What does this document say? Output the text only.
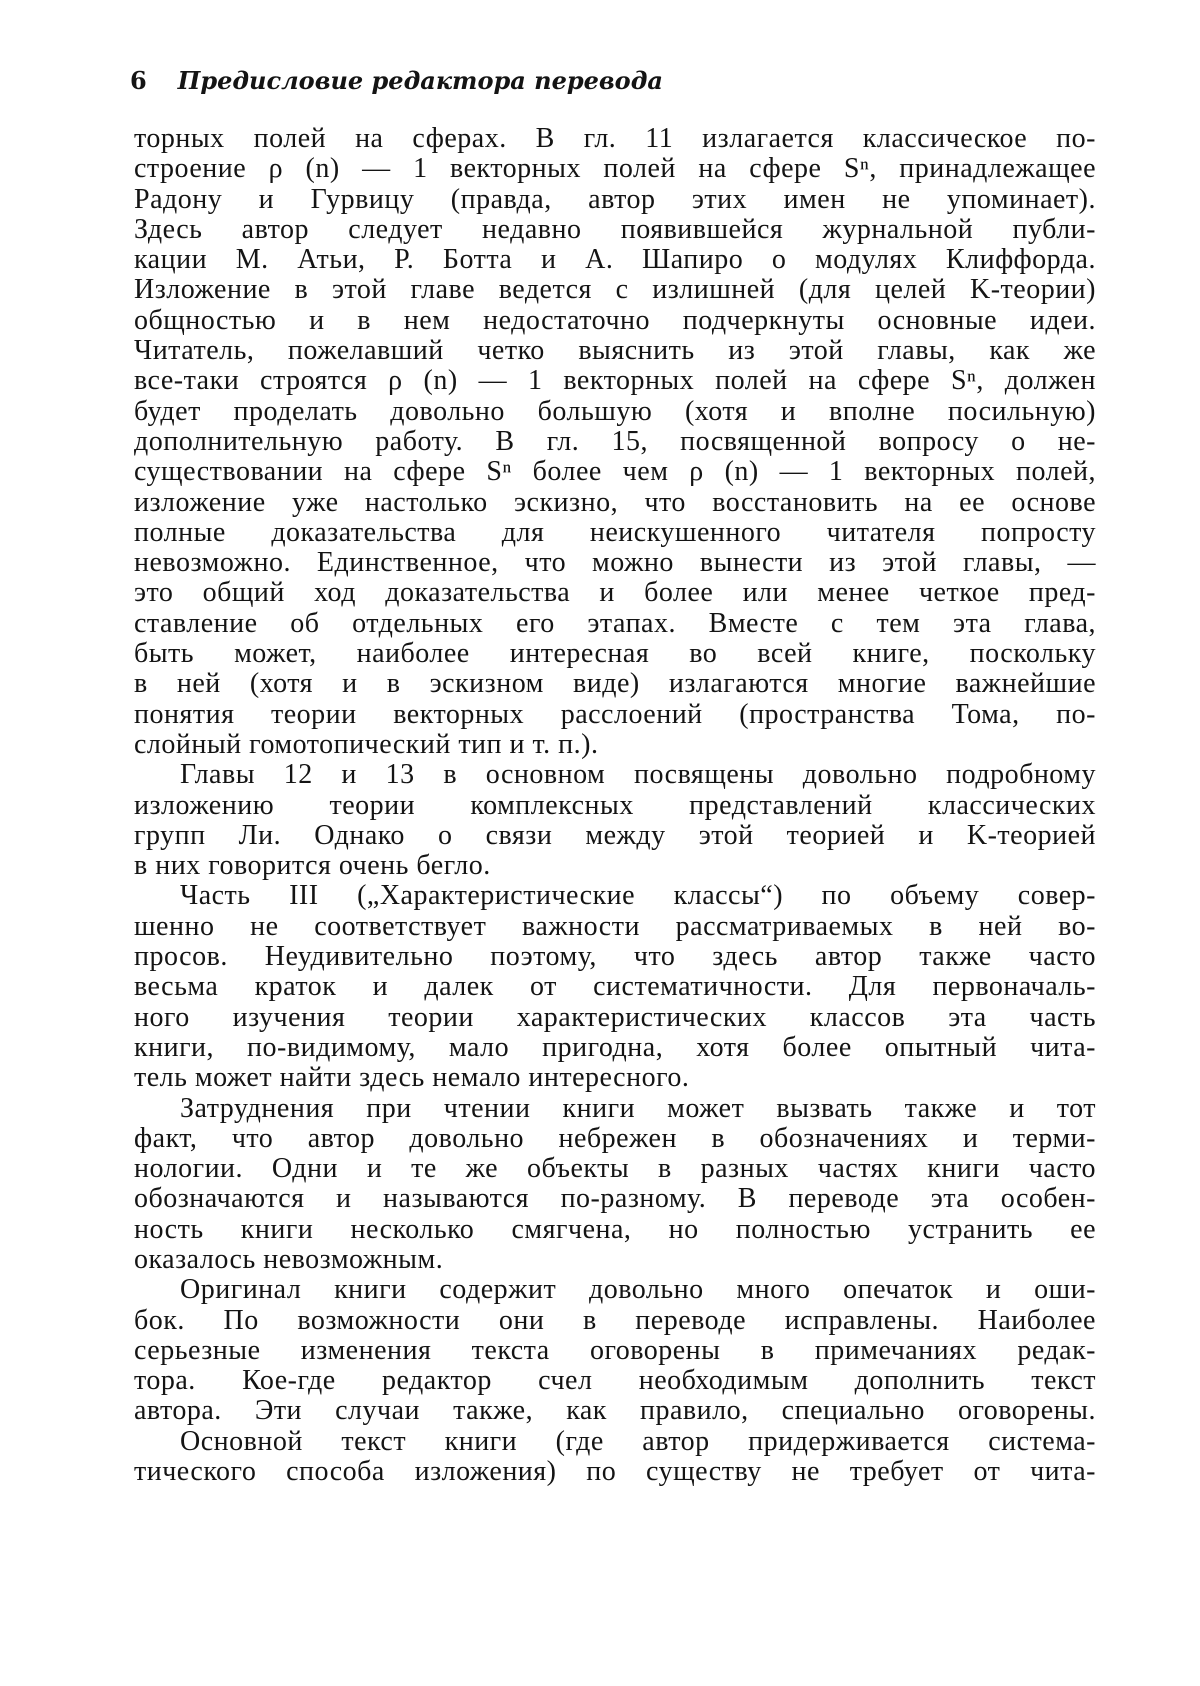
6 Предисловие редактора перевода
торных полей на сферах. В гл. 11 излагается классическое по-
строение ρ (n) — 1 векторных полей на сфере Sⁿ, принадлежащее
Радону и Гурвицу (правда, автор этих имен не упоминает).
Здесь автор следует недавно появившейся журнальной публи-
кации М. Атьи, Р. Ботта и А. Шапиро о модулях Клиффорда.
Изложение в этой главе ведется с излишней (для целей K-теории)
общностью и в нем недостаточно подчеркнуты основные идеи.
Читатель, пожелавший четко выяснить из этой главы, как же
все-таки строятся ρ (n) — 1 векторных полей на сфере Sⁿ, должен
будет проделать довольно большую (хотя и вполне посильную)
дополнительную работу. В гл. 15, посвященной вопросу о не-
существовании на сфере Sⁿ более чем ρ (n) — 1 векторных полей,
изложение уже настолько эскизно, что восстановить на ее основе
полные доказательства для неискушенного читателя попросту
невозможно. Единственное, что можно вынести из этой главы, —
это общий ход доказательства и более или менее четкое пред-
ставление об отдельных его этапах. Вместе с тем эта глава,
быть может, наиболее интересная во всей книге, поскольку
в ней (хотя и в эскизном виде) излагаются многие важнейшие
понятия теории векторных расслоений (пространства Тома, по-
слойный гомотопический тип и т. п.).
Главы 12 и 13 в основном посвящены довольно подробному
изложению теории комплексных представлений классических
групп Ли. Однако о связи между этой теорией и K-теорией
в них говорится очень бегло.
Часть III („Характеристические классы“) по объему совер-
шенно не соответствует важности рассматриваемых в ней во-
просов. Неудивительно поэтому, что здесь автор также часто
весьма краток и далек от систематичности. Для первоначаль-
ного изучения теории характеристических классов эта часть
книги, по-видимому, мало пригодна, хотя более опытный чита-
тель может найти здесь немало интересного.
Затруднения при чтении книги может вызвать также и тот
факт, что автор довольно небрежен в обозначениях и терми-
нологии. Одни и те же объекты в разных частях книги часто
обозначаются и называются по-разному. В переводе эта особен-
ность книги несколько смягчена, но полностью устранить ее
оказалось невозможным.
Оригинал книги содержит довольно много опечаток и оши-
бок. По возможности они в переводе исправлены. Наиболее
серьезные изменения текста оговорены в примечаниях редак-
тора. Кое-где редактор счел необходимым дополнить текст
автора. Эти случаи также, как правило, специально оговорены.
Основной текст книги (где автор придерживается система-
тического способа изложения) по существу не требует от чита-
